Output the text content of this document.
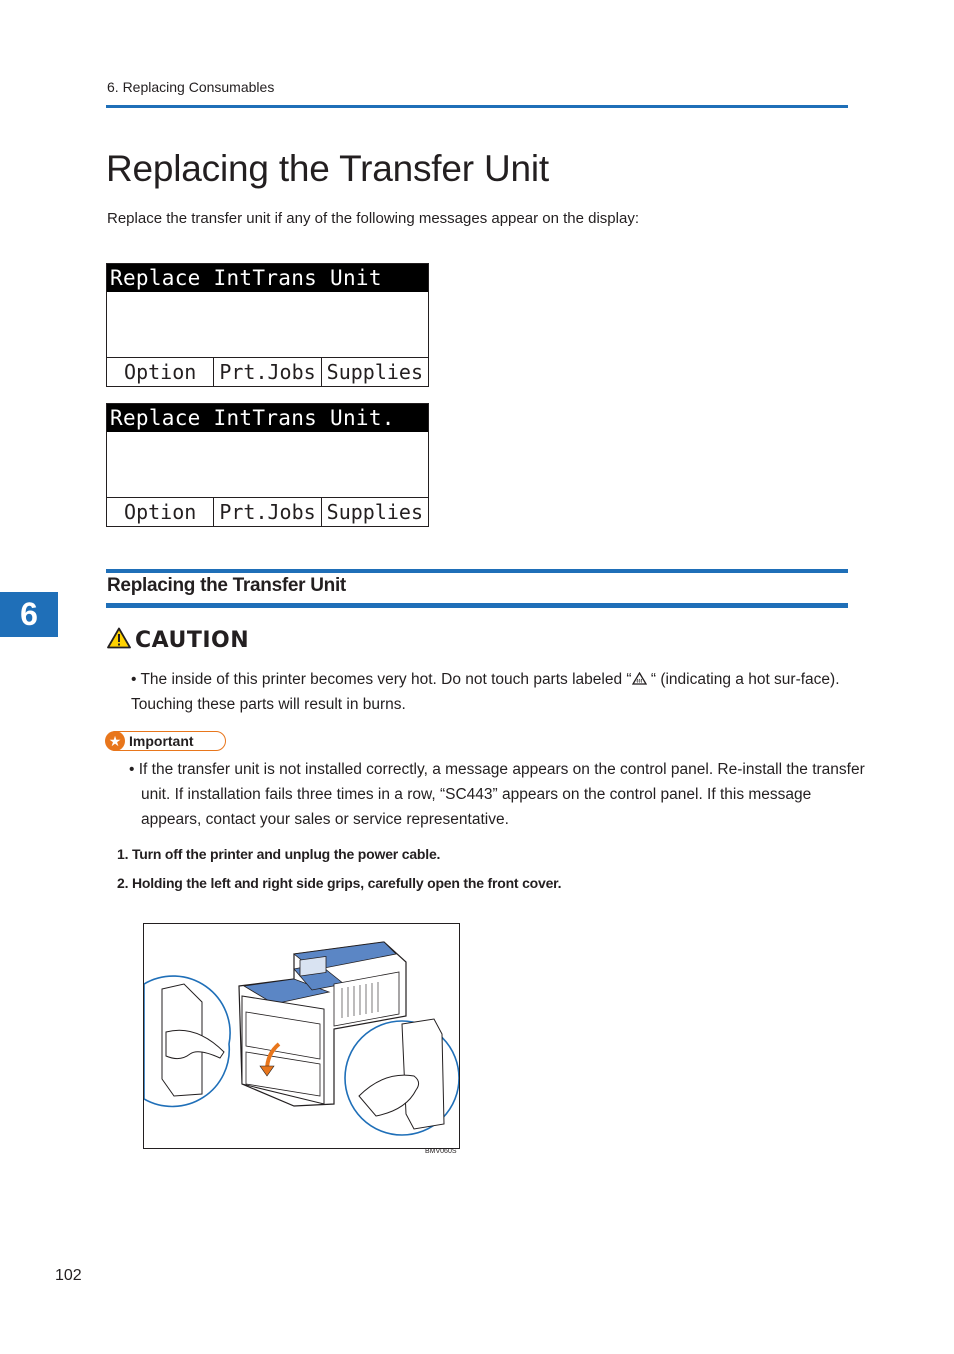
6. Replacing Consumables
Replacing the Transfer Unit
Replace the transfer unit if any of the following messages appear on the display:
Replace IntTrans Unit soon.
Option	Prt.Jobs Supplies
Replace IntTrans Unit.
Option	Prt.Jobs Supplies
Replacing the Transfer Unit
6
CAUTION
• The inside of this printer becomes very hot. Do not touch parts labeled “ “ (indicating a hot sur-face). Touching these parts will result in burns.
★ Important
• If the transfer unit is not installed correctly, a message appears on the control panel. Re-install the transfer unit. If installation fails three times in a row, “SC443” appears on the control panel. If this message appears, contact your sales or service representative.
1. Turn off the printer and unplug the power cable.
2. Holding the left and right side grips, carefully open the front cover.
BMV060S
102
